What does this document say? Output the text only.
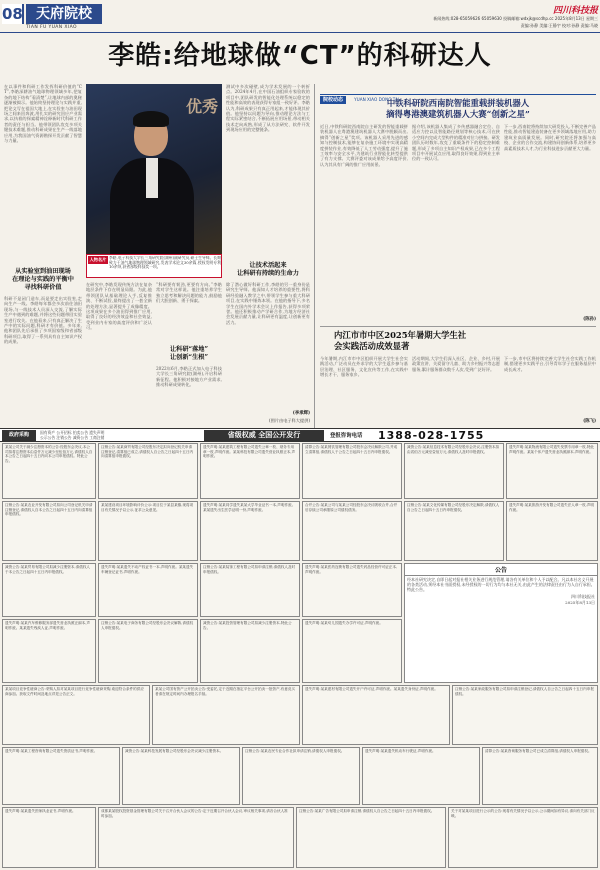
08 天府院校
TIAN FU YUAN XIAO
四川科技报
新闻热线:028-65059626 65059630 投稿邮箱:wdxjk@scdhp.cc 2025年8月13日 星期三
责编:孙静 美编:王静宇 校对:孙静 责编:马晓
李皓:给地球做“CT”的科研达人
在以事件和科研工作发挥科研价值的“CT”,李皓深耕油气地球物理领域多年,把复杂的地下结构“看清楚”,让地球内部的奥秘逐渐被揭示。他始终坚持理论与实践并重,把论文写在祖国大地上,在实验室与油田现场之间来回奔波,用扎实的研究回应产业需求,以执着的探索精神诠释新时代科研工作者的责任与担当。他带领团队攻克多项关键技术难题,推动科研成果在生产一线落地应用,为我国油气资源勘探开发贡献了智慧与力量。
从实验室到油田现场
在理论与实践的平衡中
寻找科研价值
科研不是闭门造车,而是要走出实验室,走向生产一线。李皓每年都会多次前往油田现场,与一线技术人员深入交流,了解实际生产中遇到的难题,并将这些问题带回实验室进行攻关。在他看来,只有真正解决了生产中的实际问题,科研才有价值。多年来,他和团队先后承担了多项国家级和省部级科研项目,取得了一系列具有自主知识产权的成果。
优秀
人物名片 李皓,电子科技大学长三角研究院(湖州)副研究员,硕士生导师。长期致力于油气地球物理领域研究,发表学术论文30余篇,授权发明专利10余项,获省部级科技奖一项。
在研究中,李皓发现传统方法在复杂地层条件下存在明显局限。为此,他带领团队从基础理论入手,反复推演、不断试验,最终提出了一套全新的处理方法,显著提升了成像精度。这项成果在多个油田得到推广应用,取得了良好的经济效益和社会效益,受到业内专家的高度评价和广泛认可。
“科研要有韧劲,更要有方向。”李皓常对学生这样说。他注重培养学生独立思考和解决问题的能力,鼓励他们大胆创新、勇于探索。
让科研“落地”
让创新“生根”
2022年6月,李皓正式加入电子科技大学长三角研究院(湖州),开启科研新征程。他积极对接地方产业需求,推动科研成果转化。
测试中多次碰壁,成为学术发展的一个转折点。2024年4月,在中国石油组织专家验收的项目中,团队研发的智能化处理系统以稳定的性能和高效的表现获得专家组一致好评。李皓认为,科研成果只有真正用起来,才能体现其价值。他坚持以问题为导向,推动理论方法与工程实际紧密结合,不断拓展应用场景,带动相关技术走向成熟,形成了从方法研究、软件开发到现场应用的完整链条。
让技术活起来
让科研有持续的生命力
除了潜心做好科研工作,李皓的另一重身份是研究生导师。他深知人才培养的重要性,将科研经验融入教学之中,带领学生参与重大科研项目,在实践中锤炼本领。在他的指导下,多名学生在国内外学术会议上作报告,获得多项荣誉。他还积极推动产学研合作,为地方经济社会发展贡献力量,让科研更有温度,让创新更有活力。
(李承辉)
(图片由电子科大提供)
院校动态	YUAN XIAO DONG TAI
中铁科研院西南院智能重载拼装机器人
摘得粤港澳建筑机器人大赛“创新之星”
近日,中铁科研院西南院自主研发的智能重载拼装机器人在粤港澳建筑机器人大赛中脱颖而出,摘得“创新之星”奖项。该机器人采用先进的感知与控制技术,能够在复杂施工环境中实现高精度拼装作业,有效降低了人工劳动强度,提升了施工效率与安全水平,为建筑行业智能化转型提供了有力支撑。大赛评委对该成果给予高度评价,认为其具有广阔的推广应用前景。
据介绍,该机器人集成了多传感器融合定位、自适应力控以及智能路径规划等核心技术,可在狭小空间内完成大型构件的精准对位与拼接。研发团队历时数年,攻克了重载条件下的稳定控制难题,形成了多项自主知识产权成果,已在多个工程项目中开展试点应用,取得良好效果,得到业主单位的一致认可。
下一步,西南院将持续加大研发投入,不断完善产品性能,推动智能建造装备在更多领域落地应用,助力建筑业高质量发展。同时,研究院还将加强与高校、企业的合作交流,构建协同创新体系,培养更多高素质技术人才,为行业科技进步贡献更大力量。
(陈孙)
内江市市中区2025年暑期大学生社
会实践活动成效显著
今年暑期,内江市市中区组织开展大学生社会实践活动,广泛动员在外求学的大学生返乡参与基层治理、社区服务、文化宣传等工作,在实践中增长才干、服务家乡。
活动期间,大学生们深入社区、企业、乡村,开展政策宣讲、关爱留守儿童、助力乡村振兴等志愿服务,累计服务群众数千人次,受到广泛好评。
下一步,市中区将持续完善大学生社会实践工作机制,搭建更多实践平台,引导青年学子在服务基层中成长成才。
(陈飞)
政府采购	国有资产 公开招标 拍卖公告 遗失声明
公示公告 注销公告 减资公告 工商注销	省级权威 全国公开发行	登报咨询电话	1388-028-1755
某某公司关于减少注册资本的公告:经股东会决议,本公司拟将注册资本由壹仟万元减少至伍佰万元,请债权人自本公告之日起四十五日内向本公司申报债权。特此公告。
注销公告:某某商贸有限公司经股东决定拟向登记机关申请注销登记,清算组已成立,请债权人自公告之日起四十五日内向清算组申报债权。
遗失声明:某某建筑工程有限公司遗失公章一枚、财务专用章一枚,声明作废。某某科技有限公司遗失营业执照正本,声明作废。
清算公告:某某餐饮管理有限公司股东会决议解散公司,并成立清算组,请债权人于公告之日起四十五日内申报债权。
减资公告:某某信息技术有限公司经股东会决议,注册资本拟由贰佰万元减至壹佰万元,请债权人及时申报债权。
遗失声明:某某物流有限公司遗失发票专用章一枚,特此声明作废。某某个体户遗失营业执照副本,声明作废。
注销公告:某某农业开发有限公司拟向公司登记机关申请注销登记,请债权人自本公告之日起四十五日内向清算组申报债权。
某某建设项目环境影响评价公示:项目位于某县某镇,现将项目有关情况予以公示,征求公众意见。
遗失声明:某某同学遗失某某大学毕业证书一本,声明作废。某某遗失出生医学证明一份,声明作废。
合并公告:某某公司与某某公司经股东会决议吸收合并,合并后存续公司承继原公司债权债务。
注销公告:某某文化传媒有限公司经股东决定解散,请债权人自公告之日起四十五日内申报债权。
遗失声明:某某旅游开发有限公司遗失法人章一枚,声明作废。
减资公告:某某贸易有限公司拟减少注册资本,请债权人于本公告之日起四十五日内申报债权。
遗失声明:某某遗失不动产权证书一本,声明作废。某某遗失车辆登记证书,声明作废。
注销公告:某某装饰工程有限公司拟申请注销,请债权人及时申报债权。
遗失声明:某某医药连锁有限公司遗失药品经营许可证正本,声明作废。	公告
经本社研究决定,自即日起对报社相关业务进行规范管理,请各有关单位和个人予以配合。凡以本社名义开展的各类活动,须经本社书面授权,未经授权的一切行为均与本社无关,由此产生的法律责任由行为人自行承担。特此公告。
四川科技报社
2025年8月13日
遗失声明:某某汽车维修服务部遗失营业执照正副本,声明作废。某某遗失残疾人证,声明作废。
注销公告:某某电子商务有限公司经股东会决议解散,请债权人申报债权。
减资公告:某某投资管理有限公司拟减少注册资本,特此公告。
遗失声明:某某幼儿园遗失办学许可证,声明作废。
某某项目竞争性磋商公告:采购人拟对某某项目进行竞争性磋商采购,欢迎符合条件的供应商参加。获取文件时间及地点详见公告正文。
某某公司国有资产公开拍卖公告:受委托,定于近期在指定平台公开拍卖一批资产,有意竞买者请在规定时间内办理报名手续。
遗失声明:某某建材有限公司遗失开户许可证,声明作废。某某遗失身份证,声明作废。	注销公告:某某家政服务有限公司拟申请注销登记,请债权人自公告之日起四十五日内申报债权。
遗失声明:某某工程咨询有限公司遗失资质证书,声明作废。	减资公告:某某科技发展有限公司经股东会决议减少注册资本。	注销公告:某某农民专业合作社拟申请注销,请债权人申报债权。	遗失声明:某某遗失机动车行驶证,声明作废。	清算公告:某某咨询服务有限公司已成立清算组,请债权人申报债权。
遗失声明:某某遗失医师执业证书,声明作废。	成都某某股权投资基金管理有限公司关于召开合伙人会议的公告:定于近期召开合伙人会议,审议相关事项,请各合伙人准时参加。
注销公告:某某广告有限公司拟申请注销,请债权人自公告之日起四十五日内申报债权。	关于对某某项目进行公示的公告:现将有关情况予以公示,公示期间如有异议,请向有关部门反映。
